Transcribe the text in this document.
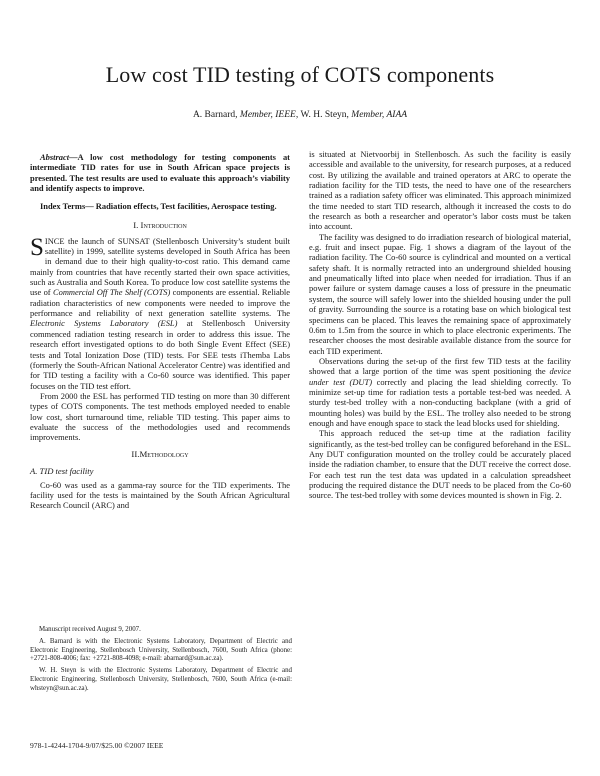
Low cost TID testing of COTS components
A. Barnard, Member, IEEE, W. H. Steyn, Member, AIAA

Abstract—A low cost methodology for testing components at intermediate TID rates for use in South African space projects is presented. The test results are used to evaluate this approach’s viability and identify aspects to improve.

Index Terms— Radiation effects, Test facilities, Aerospace testing.

I. Introduction

SINCE the launch of SUNSAT (Stellenbosch University’s student built satellite) in 1999, satellite systems developed in South Africa has been in demand due to their high quality-to-cost ratio. This demand came mainly from countries that have recently started their own space activities, such as Australia and South Korea. To produce low cost satellite systems the use of Commercial Off The Shelf (COTS) components are essential. Reliable radiation characteristics of new components were needed to improve the performance and reliability of next generation satellite systems. The Electronic Systems Laboratory (ESL) at Stellenbosch University commenced radiation testing research in order to address this issue. The research effort investigated options to do both Single Event Effect (SEE) tests and Total Ionization Dose (TID) tests. For SEE tests iThemba Labs (formerly the South-African National Accelerator Centre) was identified and for TID testing a facility with a Co-60 source was identified. This paper focuses on the TID test effort.

From 2000 the ESL has performed TID testing on more than 30 different types of COTS components. The test methods employed needed to enable low cost, short turnaround time, reliable TID testing. This paper aims to evaluate the success of the methodologies used and recommends improvements.

II.Methodology
A. TID test facility

Co-60 was used as a gamma-ray source for the TID experiments. The facility used for the tests is maintained by the South African Agricultural Research Council (ARC) and

is situated at Nietvoorbij in Stellenbosch. As such the facility is easily accessible and available to the university, for research purposes, at a reduced cost. By utilizing the available and trained operators at ARC to operate the radiation facility for the TID tests, the need to have one of the researchers trained as a radiation safety officer was eliminated. This approach minimized the time needed to start TID research, although it increased the costs to do the research as both a researcher and operator’s labor costs must be taken into account.

The facility was designed to do irradiation research of biological material, e.g. fruit and insect pupae. Fig. 1 shows a diagram of the layout of the radiation facility. The Co-60 source is cylindrical and mounted on a vertical safety shaft. It is normally retracted into an underground shielded housing and pneumatically lifted into place when needed for irradiation. Thus if an power failure or system damage causes a loss of pressure in the pneumatic system, the source will safely lower into the shielded housing under the pull of gravity. Surrounding the source is a rotating base on which biological test specimens can be placed. This leaves the remaining space of approximately 0.6m to 1.5m from the source in which to place electronic experiments. The researcher chooses the most desirable available distance from the source for each TID experiment.

Observations during the set-up of the first few TID tests at the facility showed that a large portion of the time was spent positioning the device under test (DUT) correctly and placing the lead shielding correctly. To minimize set-up time for radiation tests a portable test-bed was needed. A sturdy test-bed trolley with a non-conducting backplane (with a grid of mounting holes) was build by the ESL. The trolley also needed to be strong enough and have enough space to stack the lead blocks used for shielding.

This approach reduced the set-up time at the radiation facility significantly, as the test-bed trolley can be configured beforehand in the ESL. Any DUT configuration mounted on the trolley could be accurately placed inside the radiation chamber, to ensure that the DUT receive the correct dose. For each test run the test data was updated in a calculation spreadsheet producing the required distance the DUT needs to be placed from the Co-60 source. The test-bed trolley with some devices mounted is shown in Fig. 2.

Manuscript received August 9, 2007.

A. Barnard is with the Electronic Systems Laboratory, Department of Electric and Electronic Engineering, Stellenbosch University, Stellenbosch, 7600, South Africa (phone: +2721-808-4006; fax: +2721-808-4098; e-mail: abarnard@sun.ac.za).

W. H. Steyn is with the Electronic Systems Laboratory, Department of Electric and Electronic Engineering, Stellenbosch University, Stellenbosch, 7600, South Africa (e-mail: whsteyn@sun.ac.za).

978-1-4244-1704-9/07/$25.00 ©2007 IEEE
